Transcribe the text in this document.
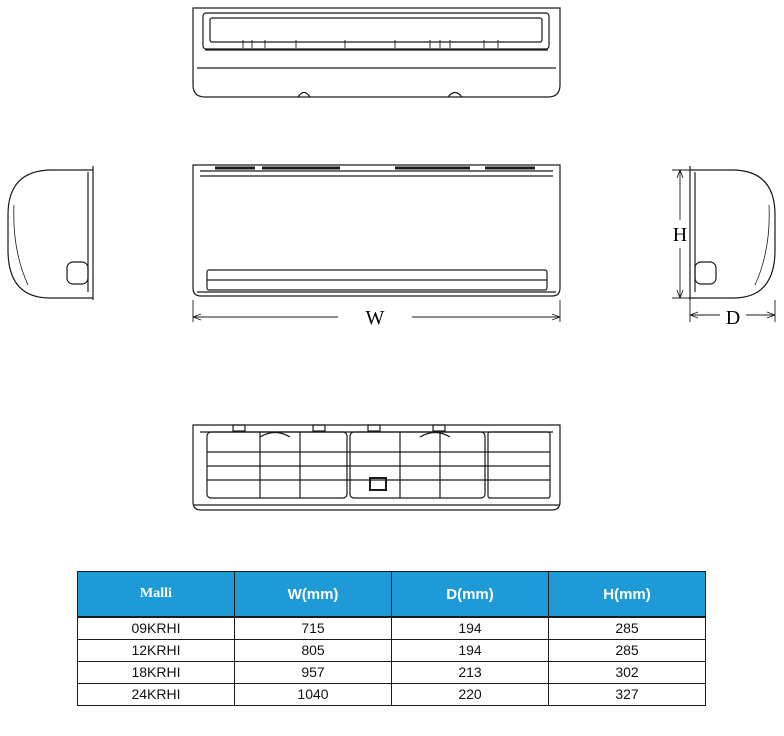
W
H
D
Malli	W(mm)	D(mm)	H(mm)
09KRHI	715	194	285
12KRHI	805	194	285
18KRHI	957	213	302
24KRHI	1040	220	327
